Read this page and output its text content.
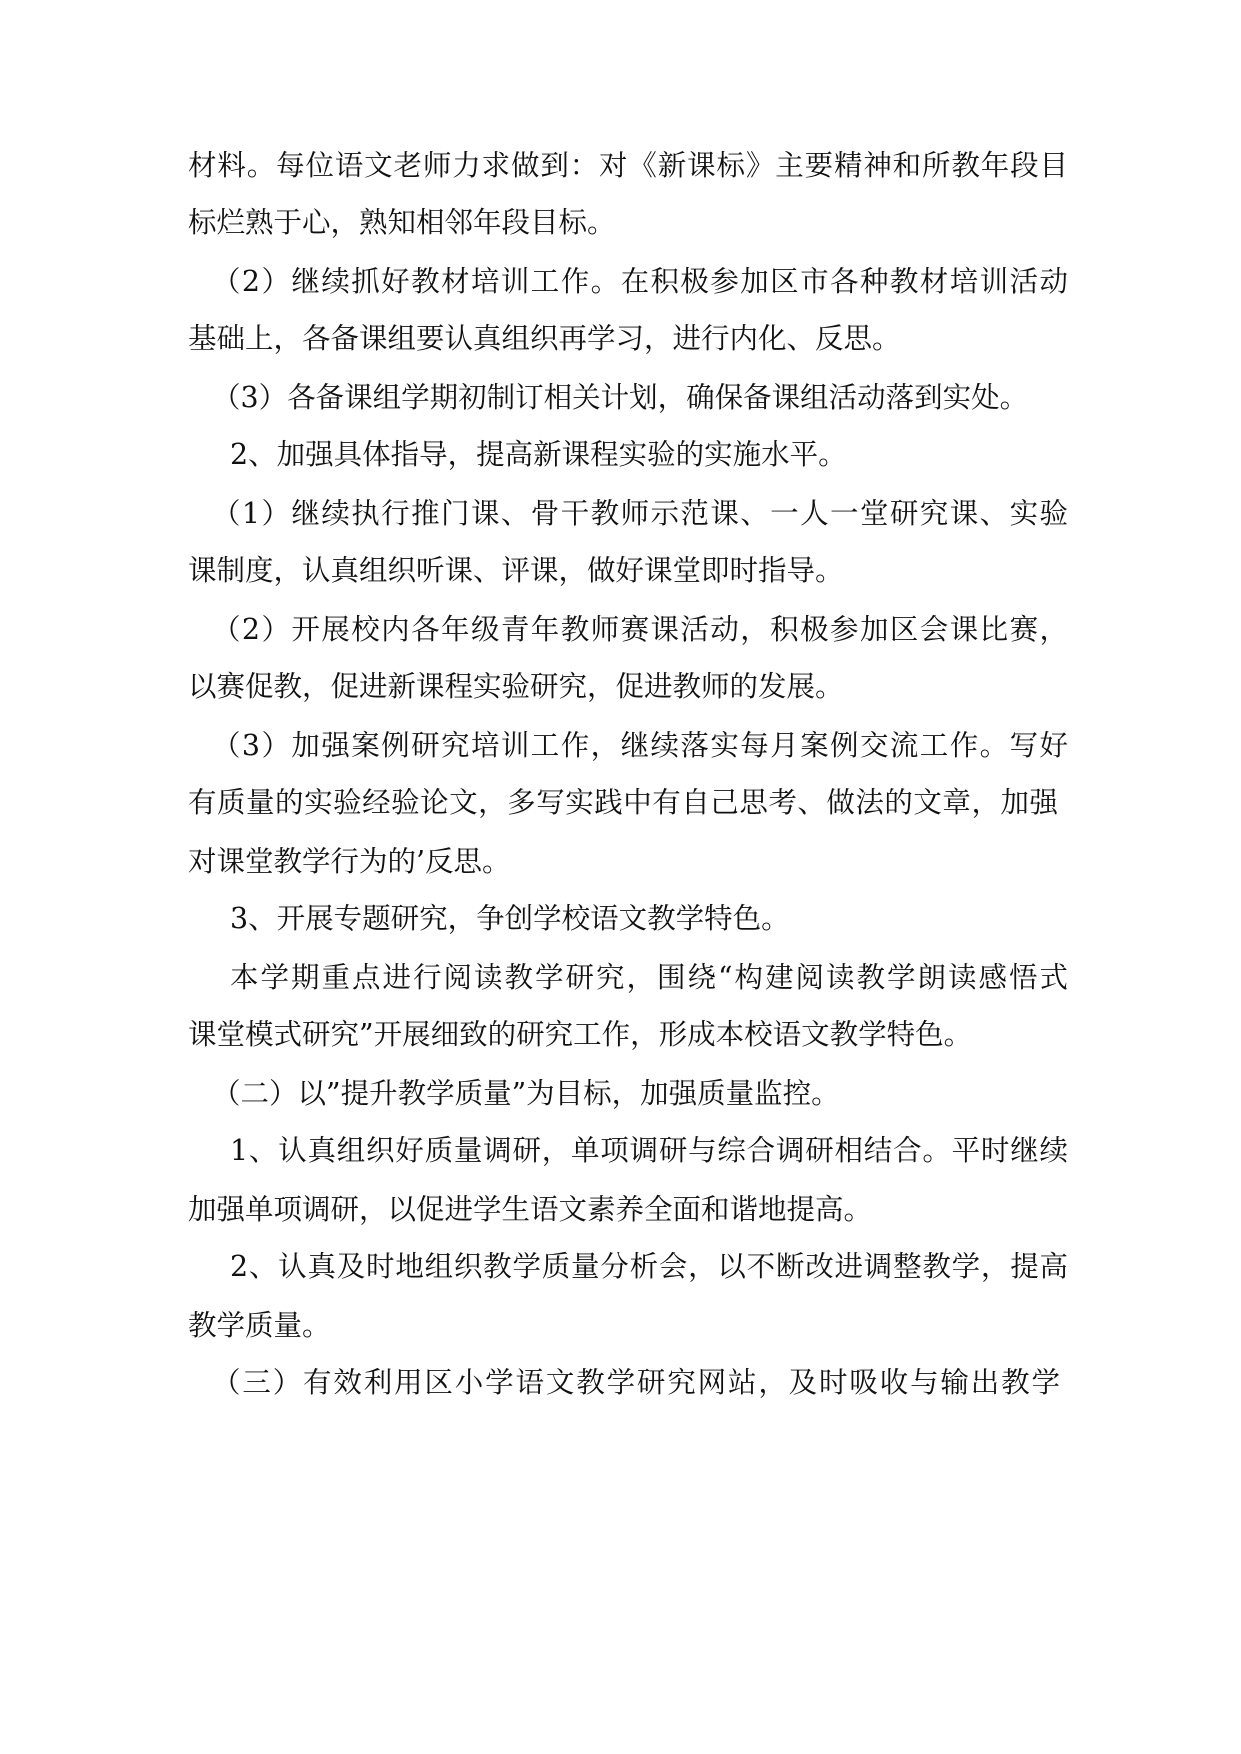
材料。每位语文老师力求做到：对《新课标》主要精神和所教年段目
标烂熟于心，熟知相邻年段目标。
（2）继续抓好教材培训工作。在积极参加区市各种教材培训活动
基础上，各备课组要认真组织再学习，进行内化、反思。
（3）各备课组学期初制订相关计划，确保备课组活动落到实处。
2、加强具体指导，提高新课程实验的实施水平。
（1）继续执行推门课、骨干教师示范课、一人一堂研究课、实验
课制度，认真组织听课、评课，做好课堂即时指导。
（2）开展校内各年级青年教师赛课活动，积极参加区会课比赛，
以赛促教，促进新课程实验研究，促进教师的发展。
（3）加强案例研究培训工作，继续落实每月案例交流工作。写好
有质量的实验经验论文，多写实践中有自己思考、做法的文章，加强
对课堂教学行为的’反思。
3、开展专题研究，争创学校语文教学特色。
本学期重点进行阅读教学研究，围绕“构建阅读教学朗读感悟式
课堂模式研究”开展细致的研究工作，形成本校语文教学特色。
（二）以”提升教学质量”为目标，加强质量监控。
1、认真组织好质量调研，单项调研与综合调研相结合。平时继续
加强单项调研，以促进学生语文素养全面和谐地提高。
2、认真及时地组织教学质量分析会，以不断改进调整教学，提高
教学质量。
（三）有效利用区小学语文教学研究网站，及时吸收与输出教学
